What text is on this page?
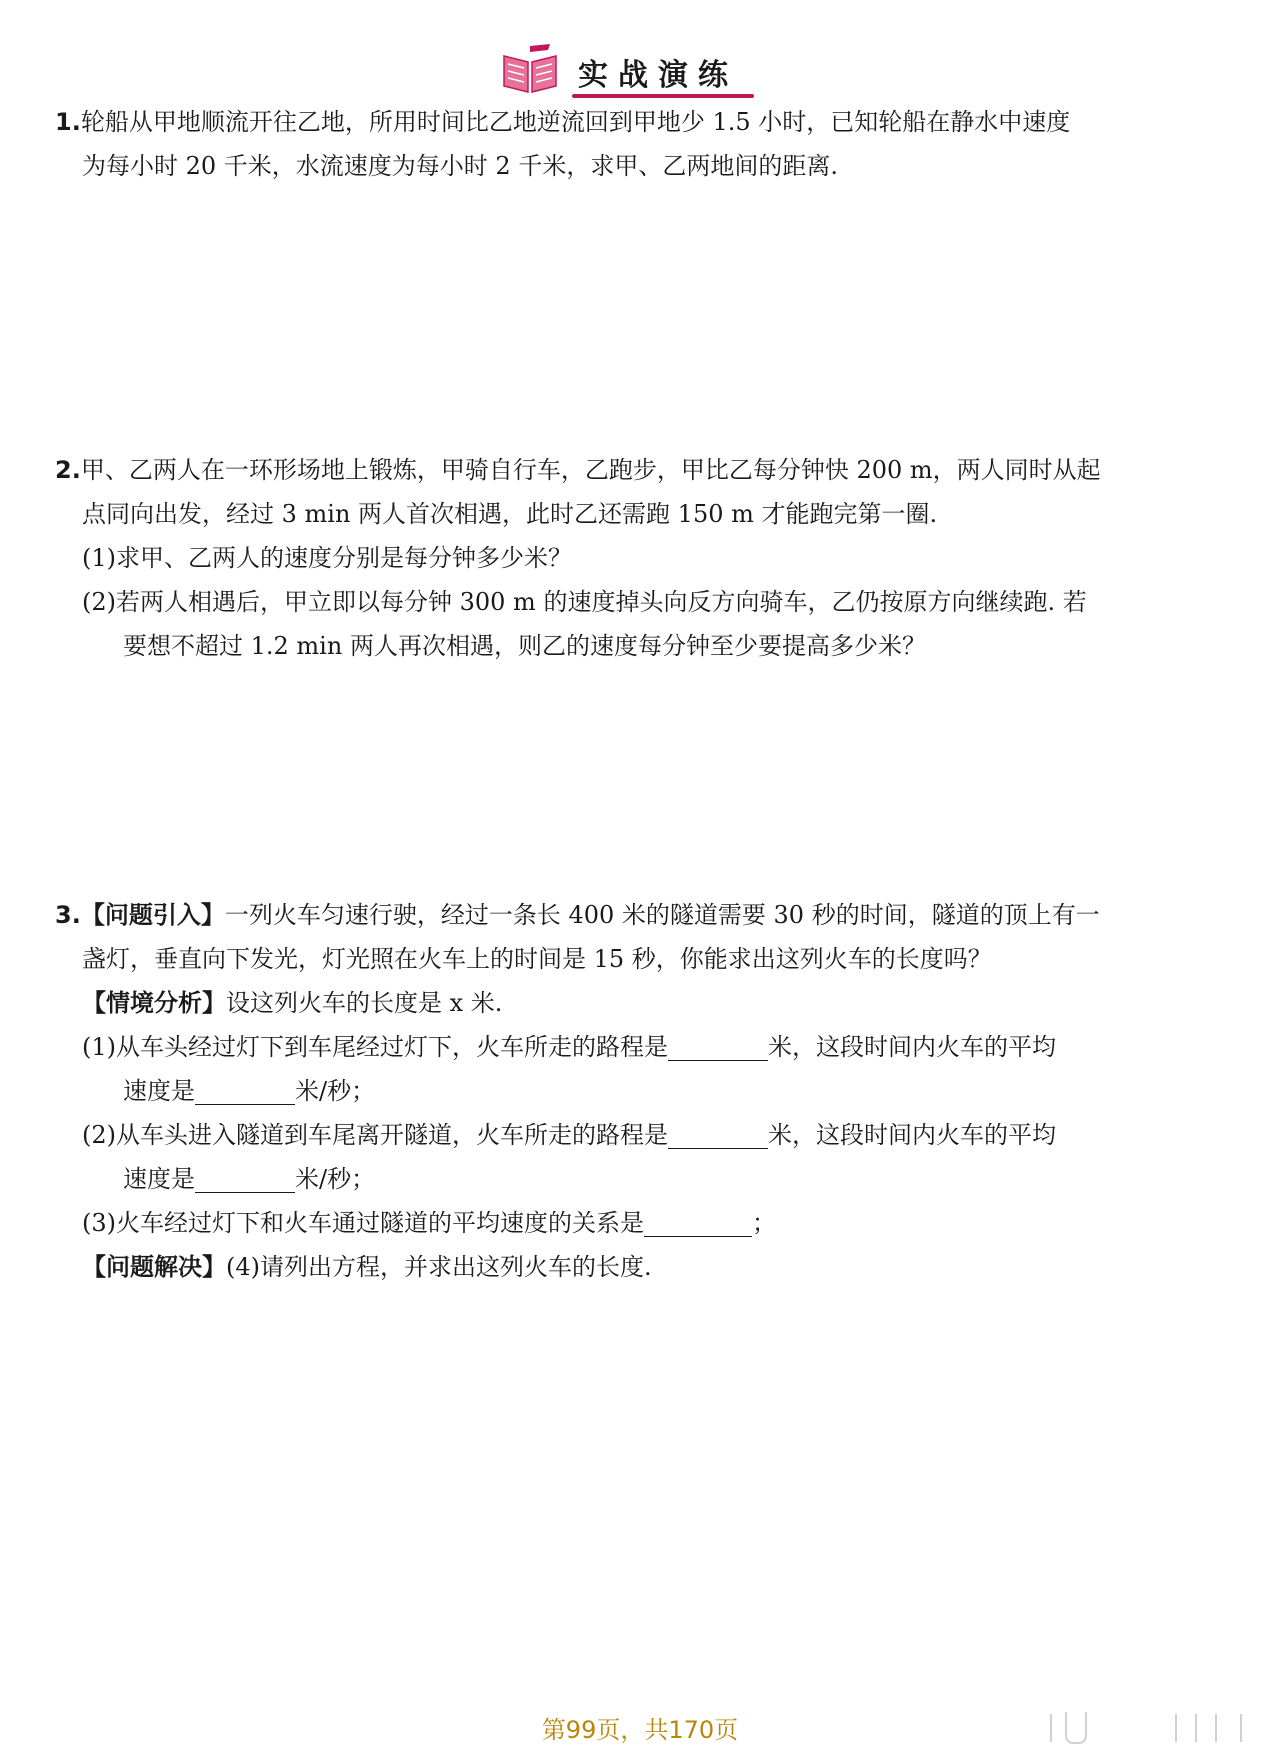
实战演练
1.轮船从甲地顺流开往乙地，所用时间比乙地逆流回到甲地少 1.5 小时，已知轮船在静水中速度
为每小时 20 千米，水流速度为每小时 2 千米，求甲、乙两地间的距离.
2.甲、乙两人在一环形场地上锻炼，甲骑自行车，乙跑步，甲比乙每分钟快 200 m，两人同时从起
点同向出发，经过 3 min 两人首次相遇，此时乙还需跑 150 m 才能跑完第一圈.
(1)求甲、乙两人的速度分别是每分钟多少米？
(2)若两人相遇后，甲立即以每分钟 300 m 的速度掉头向反方向骑车，乙仍按原方向继续跑. 若
要想不超过 1.2 min 两人再次相遇，则乙的速度每分钟至少要提高多少米？
3.【问题引入】一列火车匀速行驶，经过一条长 400 米的隧道需要 30 秒的时间，隧道的顶上有一
盏灯，垂直向下发光，灯光照在火车上的时间是 15 秒，你能求出这列火车的长度吗？
【情境分析】设这列火车的长度是 x 米.
(1)从车头经过灯下到车尾经过灯下，火车所走的路程是	米，这段时间内火车的平均
速度是	米/秒；
(2)从车头进入隧道到车尾离开隧道，火车所走的路程是	米，这段时间内火车的平均
速度是	米/秒；
(3)火车经过灯下和火车通过隧道的平均速度的关系是	；
【问题解决】(4)请列出方程，并求出这列火车的长度.
第99页，共170页
